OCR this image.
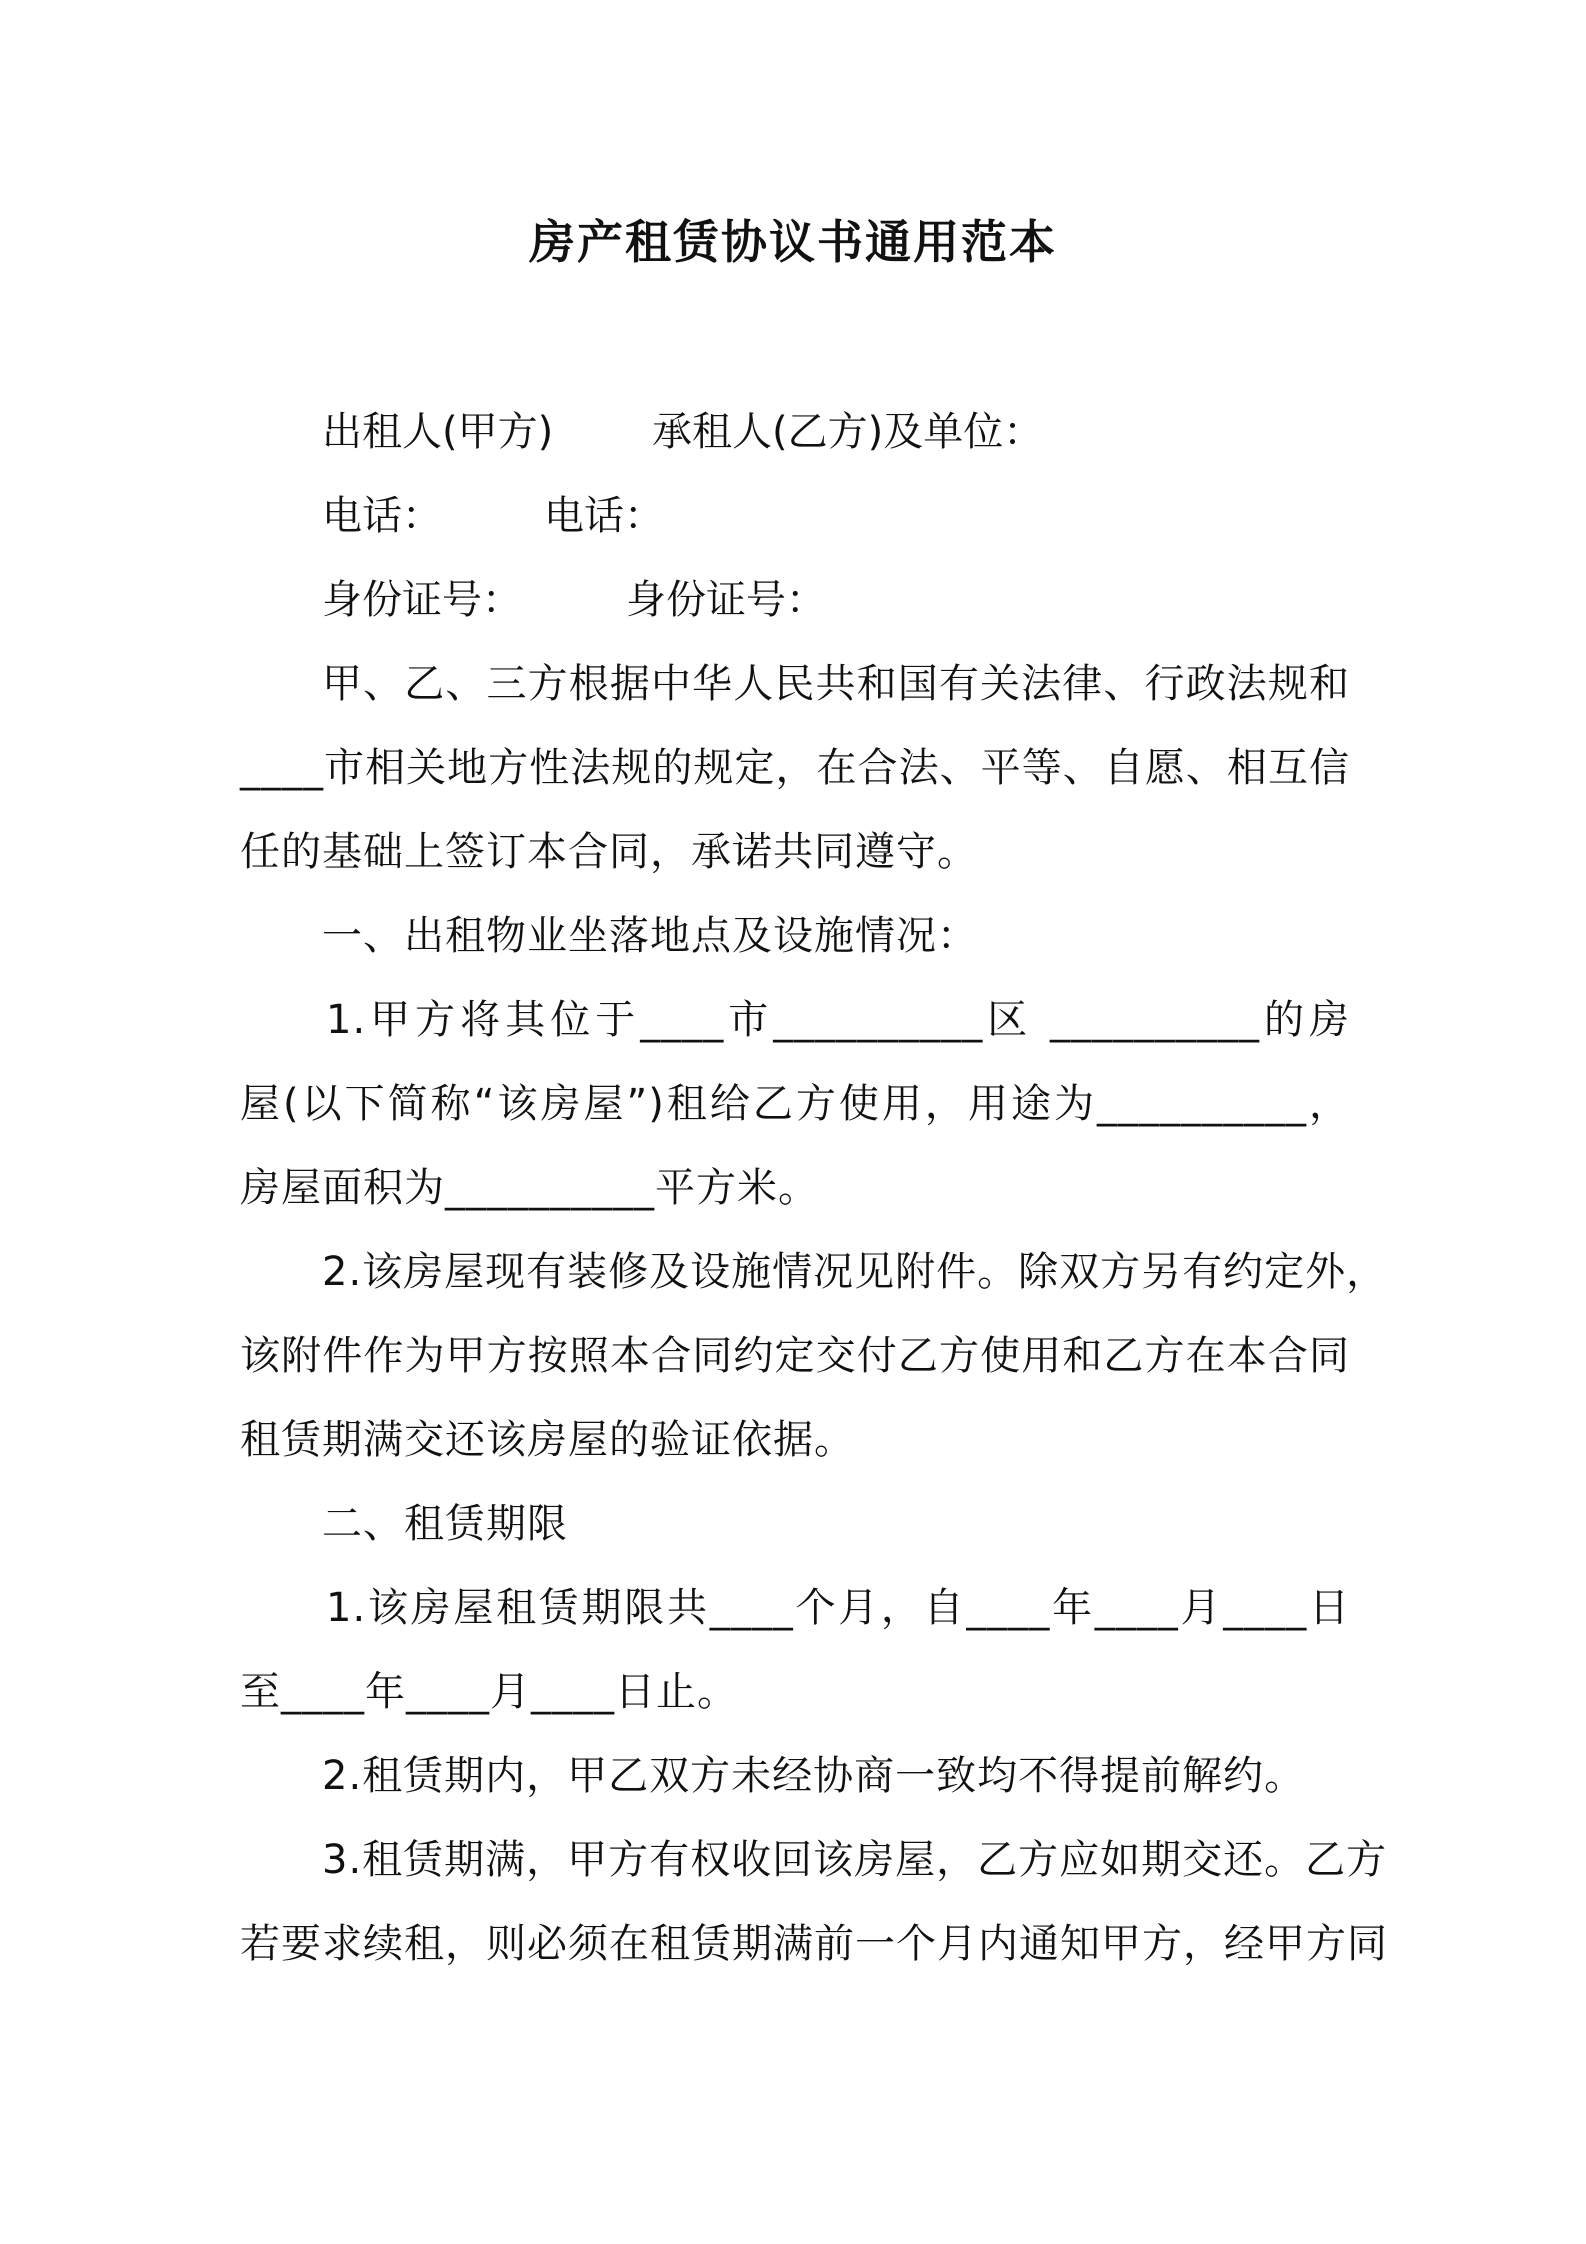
房产租赁协议书通用范本

出租人(甲方)

承租人(乙方)及单位：

电话：

	电话：

身份证号：

	身份证号：

甲、乙、三方根据中华人民共和国有关法律、行政法规和
____市相关地方性法规的规定，在合法、平等、自愿、相互信
任的基础上签订本合同，承诺共同遵守。
一、出租物业坐落地点及设施情况：
1.甲方将其位于____市__________区 __________的房
屋(以下简称“该房屋”)租给乙方使用，用途为__________，
房屋面积为__________平方米。
2.该房屋现有装修及设施情况见附件。除双方另有约定外，
该附件作为甲方按照本合同约定交付乙方使用和乙方在本合同
租赁期满交还该房屋的验证依据。
二、租赁期限
1.该房屋租赁期限共____个月，自____年____月____日
至____年____月____日止。
2.租赁期内，甲乙双方未经协商一致均不得提前解约。
3.租赁期满，甲方有权收回该房屋，乙方应如期交还。乙方
若要求续租，则必须在租赁期满前一个月内通知甲方，经甲方同
